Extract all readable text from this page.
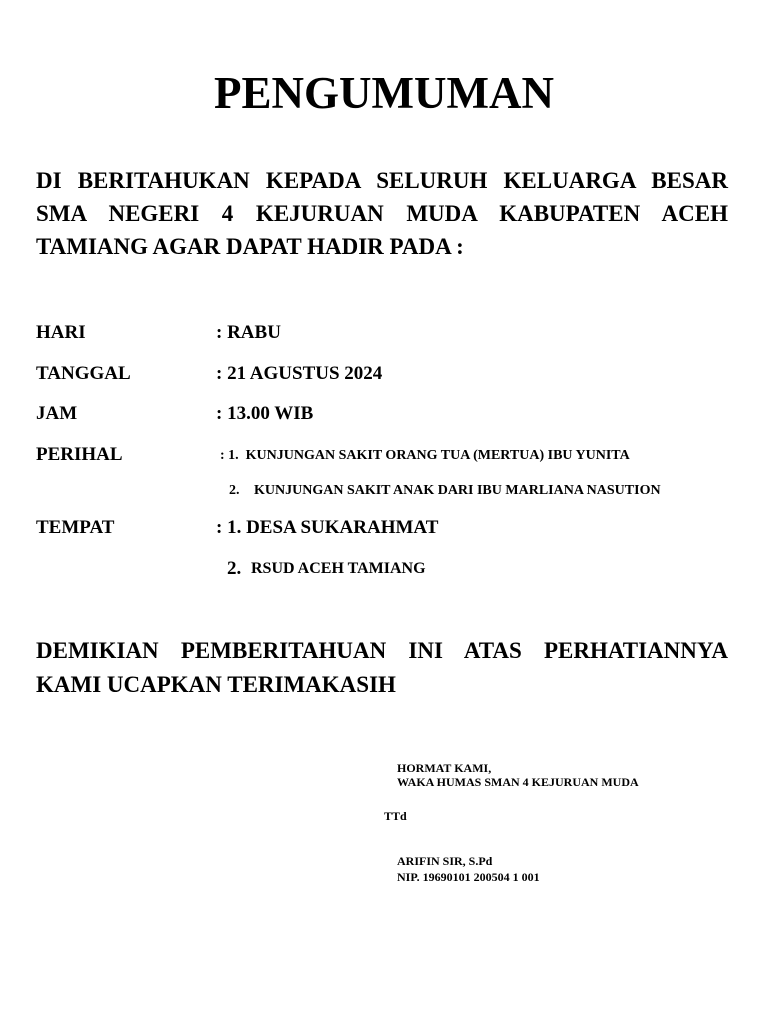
PENGUMUMAN
DI BERITAHUKAN KEPADA SELURUH KELUARGA BESAR SMA NEGERI 4 KEJURUAN MUDA KABUPATEN ACEH TAMIANG AGAR DAPAT HADIR PADA :
HARI	: RABU
TANGGAL	: 21 AGUSTUS 2024
JAM	: 13.00 WIB
PERIHAL	: 1.  KUNJUNGAN SAKIT ORANG TUA (MERTUA) IBU YUNITA
2. KUNJUNGAN SAKIT ANAK DARI IBU MARLIANA NASUTION
TEMPAT	: 1. DESA SUKARAHMAT
2. RSUD ACEH TAMIANG
DEMIKIAN PEMBERITAHUAN INI ATAS PERHATIANNYA KAMI UCAPKAN TERIMAKASIH
HORMAT KAMI,
WAKA HUMAS SMAN 4 KEJURUAN MUDA
TTd
ARIFIN SIR, S.Pd
NIP. 19690101 200504 1 001
